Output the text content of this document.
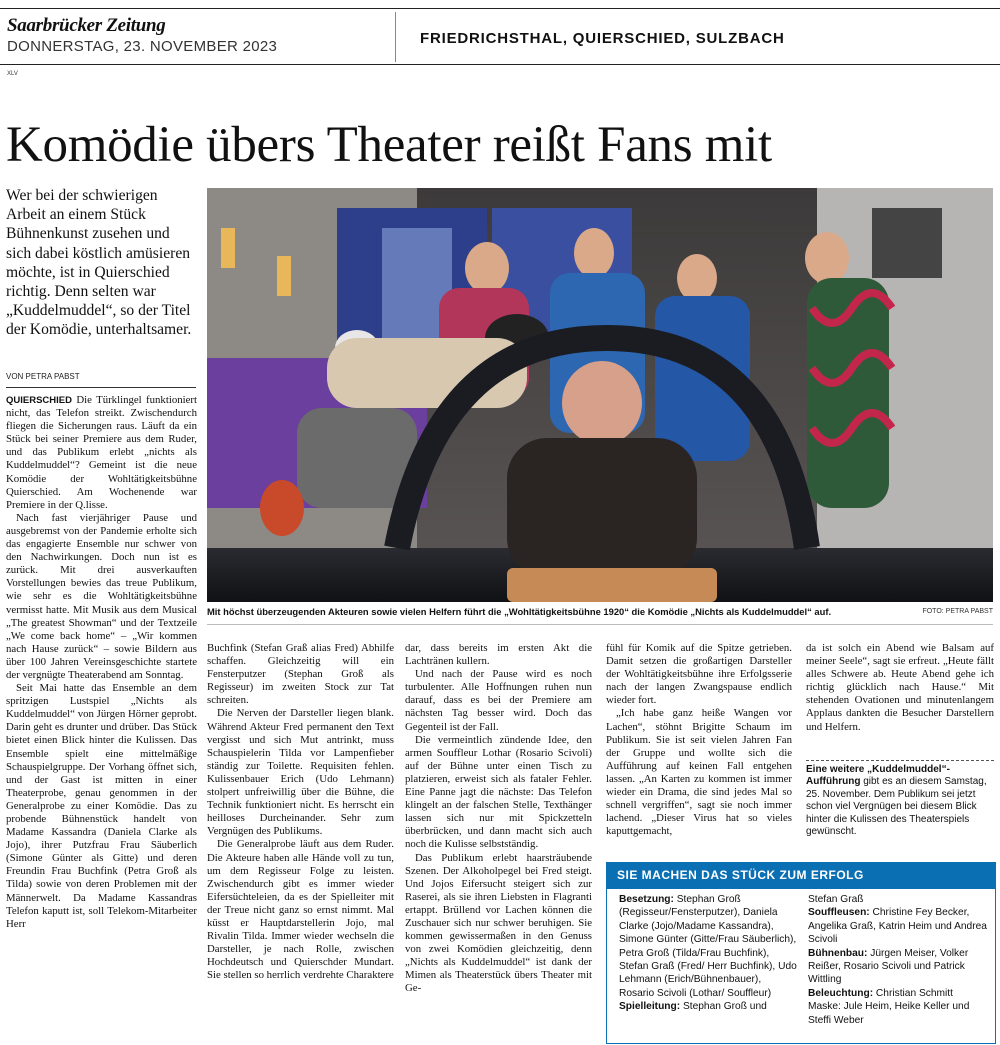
Saarbrücker Zeitung
DONNERSTAG, 23. NOVEMBER 2023	FRIEDRICHSTHAL, QUIERSCHIED, SULZBACH
XLV
Komödie übers Theater reißt Fans mit
Wer bei der schwierigen Arbeit an einem Stück Bühnenkunst zusehen und sich dabei köstlich amüsieren möchte, ist in Quierschied richtig. Denn selten war „Kuddelmuddel“, so der Titel der Komödie, unterhaltsamer.
VON PETRA PABST
Mit höchst überzeugenden Akteuren sowie vielen Helfern führt die „Wohltätigkeitsbühne 1920“ die Komödie „Nichts als Kuddelmuddel“ auf.	FOTO: PETRA PABST

QUIERSCHIED Die Türklingel funktioniert nicht, das Telefon streikt. Zwischendurch fliegen die Sicherungen raus. Läuft da ein Stück bei seiner Premiere aus dem Ruder, und das Publikum erlebt „nichts als Kuddelmuddel“? Gemeint ist die neue Komödie der Wohltätigkeitsbühne Quierschied. Am Wochenende war Premiere in der Q.lisse.

Nach fast vierjähriger Pause und ausgebremst von der Pandemie erholte sich das engagierte Ensemble nur schwer von den Nachwirkungen. Doch nun ist es zurück. Mit drei ausverkauften Vorstellungen bewies das treue Publikum, wie sehr es die Wohltätigkeitsbühne vermisst hatte. Mit Musik aus dem Musical „The greatest Showman“ und der Textzeile „We come back home“ – „Wir kommen nach Hause zurück“ – sowie Bildern aus über 100 Jahren Vereinsgeschichte startete der vergnügte Theaterabend am Sonntag.

Seit Mai hatte das Ensemble an dem spritzigen Lustspiel „Nichts als Kuddelmuddel“ von Jürgen Hörner geprobt. Darin geht es drunter und drüber. Das Stück bietet einen Blick hinter die Kulissen. Das Ensemble spielt eine mittelmäßige Schauspielgruppe. Der Vorhang öffnet sich, und der Gast ist mitten in einer Theaterprobe, genau genommen in der Generalprobe zu einer Komödie. Das zu probende Bühnenstück handelt von Madame Kassandra (Daniela Clarke als Jojo), ihrer Putzfrau Frau Säuberlich (Simone Günter als Gitte) und deren Freundin Frau Buchfink (Petra Groß als Tilda) sowie von deren Problemen mit der Männerwelt. Da Madame Kassandras Telefon kaputt ist, soll Telekom-Mitarbeiter Herr

Buchfink (Stefan Graß alias Fred) Abhilfe schaffen. Gleichzeitig will ein Fensterputzer (Stephan Groß als Regisseur) im zweiten Stock zur Tat schreiten.

Die Nerven der Darsteller liegen blank. Während Akteur Fred permanent den Text vergisst und sich Mut antrinkt, muss Schauspielerin Tilda vor Lampenfieber ständig zur Toilette. Requisiten fehlen. Kulissenbauer Erich (Udo Lehmann) stolpert unfreiwillig über die Bühne, die Technik funktioniert nicht. Es herrscht ein heilloses Durcheinander. Sehr zum Vergnügen des Publikums.

Die Generalprobe läuft aus dem Ruder. Die Akteure haben alle Hände voll zu tun, um dem Regisseur Folge zu leisten. Zwischendurch gibt es immer wieder Eifersüchteleien, da es der Spielleiter mit der Treue nicht ganz so ernst nimmt. Mal küsst er Hauptdarstellerin Jojo, mal Rivalin Tilda. Immer wieder wechseln die Darsteller, je nach Rolle, zwischen Hochdeutsch und Quierschder Mundart. Sie stellen so herrlich verdrehte Charaktere

dar, dass bereits im ersten Akt die Lachtränen kullern.

Und nach der Pause wird es noch turbulenter. Alle Hoffnungen ruhen nun darauf, dass es bei der Premiere am nächsten Tag besser wird. Doch das Gegenteil ist der Fall.

Die vermeintlich zündende Idee, den armen Souffleur Lothar (Rosario Scivoli) auf der Bühne unter einen Tisch zu platzieren, erweist sich als fataler Fehler. Eine Panne jagt die nächste: Das Telefon klingelt an der falschen Stelle, Texthänger lassen sich nur mit Spickzetteln überbrücken, und dann macht sich auch noch die Kulisse selbstständig.

Das Publikum erlebt haarsträubende Szenen. Der Alkoholpegel bei Fred steigt. Und Jojos Eifersucht steigert sich zur Raserei, als sie ihren Liebsten in Flagranti ertappt. Brüllend vor Lachen können die Zuschauer sich nur schwer beruhigen. Sie kommen gewissermaßen in den Genuss von zwei Komödien gleichzeitig, denn „Nichts als Kuddelmuddel“ ist dank der Mimen als Theaterstück übers Theater mit Ge-

fühl für Komik auf die Spitze getrieben. Damit setzen die großartigen Darsteller der Wohltätigkeitsbühne ihre Erfolgsserie nach der langen Zwangspause endlich wieder fort.

„Ich habe ganz heiße Wangen vor Lachen“, stöhnt Brigitte Schaum im Publikum. Sie ist seit vielen Jahren Fan der Gruppe und wollte sich die Aufführung auf keinen Fall entgehen lassen. „An Karten zu kommen ist immer wieder ein Drama, die sind jedes Mal so schnell vergriffen“, sagt sie noch immer lachend. „Dieser Virus hat so vieles kaputtgemacht,

da ist solch ein Abend wie Balsam auf meiner Seele“, sagt sie erfreut. „Heute fällt alles Schwere ab. Heute Abend gehe ich richtig glücklich nach Hause.“ Mit stehenden Ovationen und minutenlangem Applaus dankten die Besucher Darstellern und Helfern.

Eine weitere „Kuddelmuddel“-Aufführung gibt es an diesem Samstag, 25. November. Dem Publikum sei jetzt schon viel Vergnügen bei diesem Blick hinter die Kulissen des Theaterspiels gewünscht.
SIE MACHEN DAS STÜCK ZUM ERFOLG
Besetzung: Stephan Groß (Regisseur/Fensterputzer), Daniela Clarke (Jojo/Madame Kassandra), Simone Günter (Gitte/Frau Säuberlich), Petra Groß (Tilda/Frau Buchfink), Stefan Graß (Fred/ Herr Buchfink), Udo Lehmann (Erich/Bühnenbauer), Rosario Scivoli (Lothar/ Souffleur)
Spielleitung: Stephan Groß und
Stefan Graß
Souffleusen: Christine Fey Becker, Angelika Graß, Katrin Heim und Andrea Scivoli
Bühnenbau: Jürgen Meiser, Volker Reißer, Rosario Scivoli und Patrick Wittling
Beleuchtung: Christian Schmitt
Maske: Jule Heim, Heike Keller und Steffi Weber
